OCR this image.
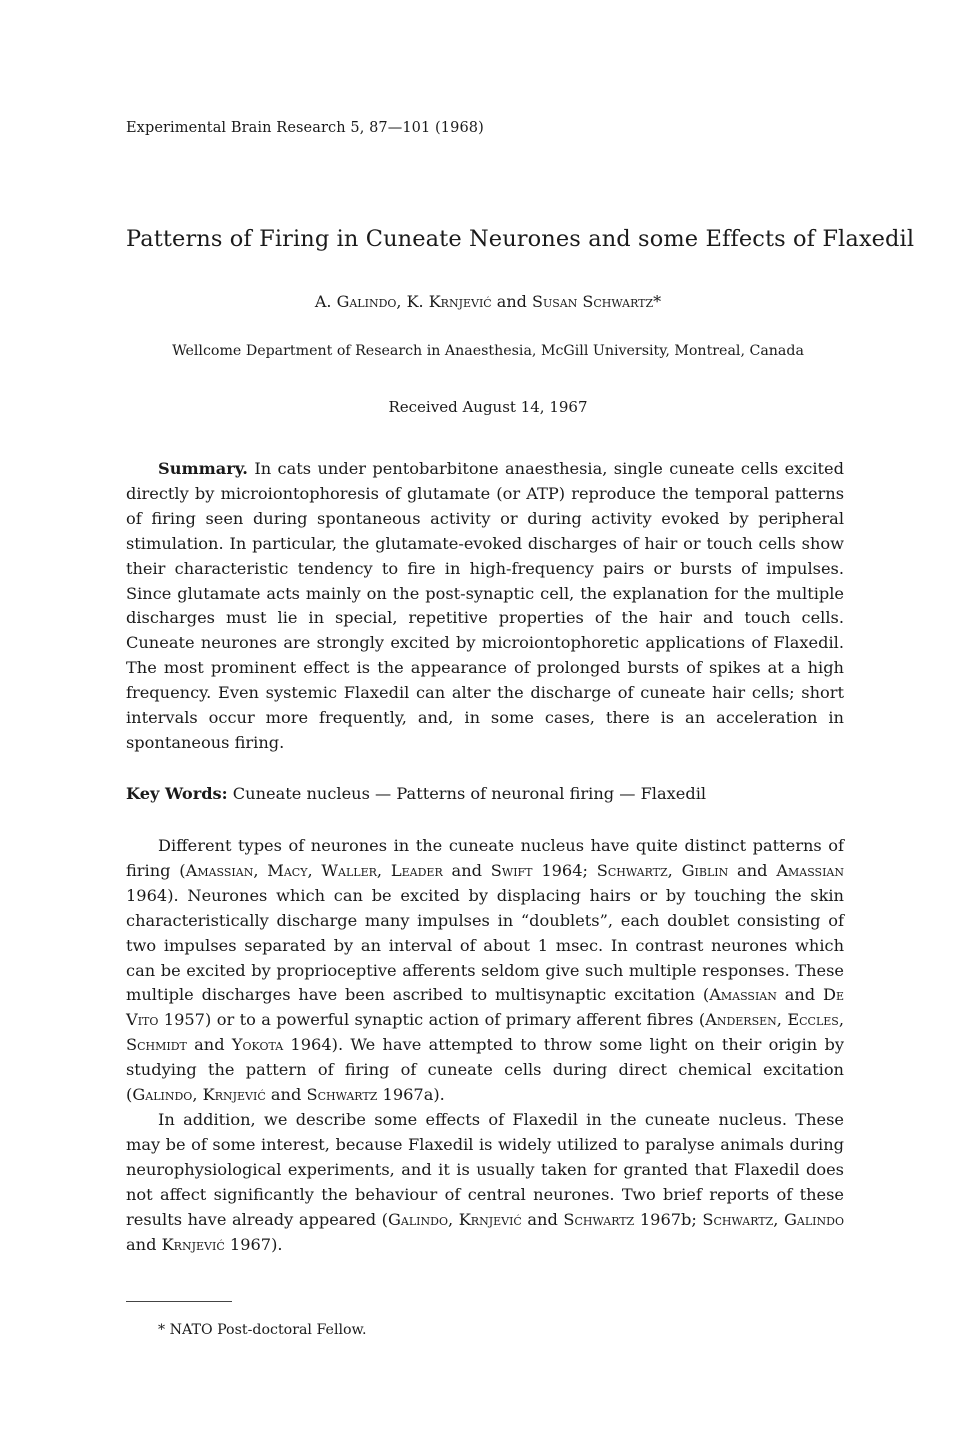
Experimental Brain Research 5, 87—101 (1968)
Patterns of Firing in Cuneate Neurones and some Effects of Flaxedil
A. Galindo, K. Krnjević and Susan Schwartz*
Wellcome Department of Research in Anaesthesia, McGill University, Montreal, Canada
Received August 14, 1967
Summary. In cats under pentobarbitone anaesthesia, single cuneate cells excited directly by microiontophoresis of glutamate (or ATP) reproduce the temporal patterns of firing seen during spontaneous activity or during activity evoked by peripheral stimulation. In particular, the glutamate-evoked discharges of hair or touch cells show their characteristic tendency to fire in high-frequency pairs or bursts of impulses. Since glutamate acts mainly on the post-synaptic cell, the explanation for the multiple discharges must lie in special, repetitive properties of the hair and touch cells. Cuneate neurones are strongly excited by microiontophoretic applications of Flaxedil. The most prominent effect is the appearance of prolonged bursts of spikes at a high frequency. Even systemic Flaxedil can alter the discharge of cuneate hair cells; short intervals occur more frequently, and, in some cases, there is an acceleration in spontaneous firing.
Key Words: Cuneate nucleus — Patterns of neuronal firing — Flaxedil

Different types of neurones in the cuneate nucleus have quite distinct patterns of firing (Amassian, Macy, Waller, Leader and Swift 1964; Schwartz, Giblin and Amassian 1964). Neurones which can be excited by displacing hairs or by touching the skin characteristically discharge many impulses in “doublets”, each doublet consisting of two impulses separated by an interval of about 1 msec. In contrast neurones which can be excited by proprioceptive afferents seldom give such multiple responses. These multiple discharges have been ascribed to multisynaptic excitation (Amassian and De Vito 1957) or to a powerful synaptic action of primary afferent fibres (Andersen, Eccles, Schmidt and Yokota 1964). We have attempted to throw some light on their origin by studying the pattern of firing of cuneate cells during direct chemical excitation (Galindo, Krnjević and Schwartz 1967a).

In addition, we describe some effects of Flaxedil in the cuneate nucleus. These may be of some interest, because Flaxedil is widely utilized to paralyse animals during neurophysiological experiments, and it is usually taken for granted that Flaxedil does not affect significantly the behaviour of central neurones. Two brief reports of these results have already appeared (Galindo, Krnjević and Schwartz 1967b; Schwartz, Galindo and Krnjević 1967).

* NATO Post-doctoral Fellow.
